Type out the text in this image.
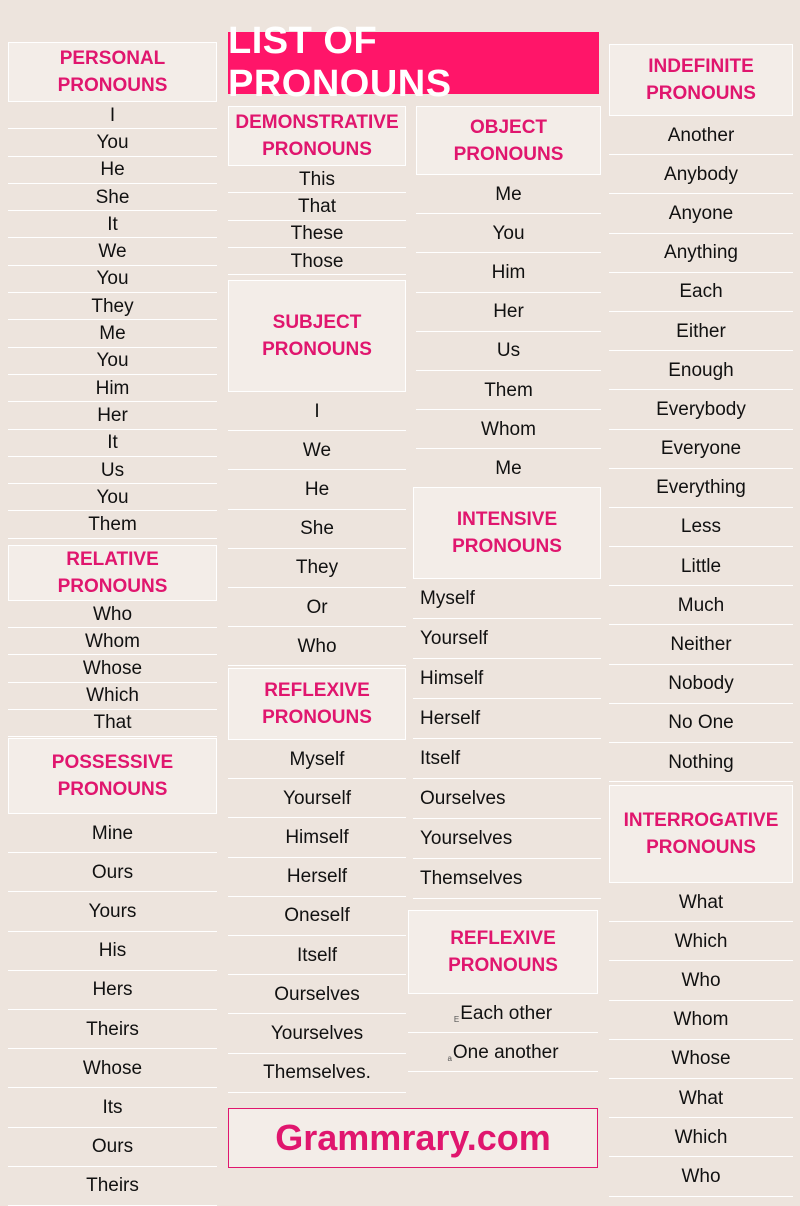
LIST OF PRONOUNS
PERSONAL
PRONOUNS
I
You
He
She
It
We
You
They
Me
You
Him
Her
It
Us
You
Them
RELATIVE
PRONOUNS
Who
Whom
Whose
Which
That
POSSESSIVE
PRONOUNS
Mine
Ours
Yours
His
Hers
Theirs
Whose
Its
Ours
Theirs
DEMONSTRATIVE
PRONOUNS
This
That
These
Those
SUBJECT
PRONOUNS
I
We
He
She
They
Or
Who
REFLEXIVE
PRONOUNS
Myself
Yourself
Himself
Herself
Oneself
Itself
Ourselves
Yourselves
Themselves.
OBJECT
PRONOUNS
Me
You
Him
Her
Us
Them
Whom
Me
INTENSIVE
PRONOUNS
Myself
Yourself
Himself
Herself
Itself
Ourselves
Yourselves
Themselves
REFLEXIVE
PRONOUNS
E Each other
a One another
INDEFINITE
PRONOUNS
Another
Anybody
Anyone
Anything
Each
Either
Enough
Everybody
Everyone
Everything
Less
Little
Much
Neither
Nobody
No One
Nothing
INTERROGATIVE
PRONOUNS
What
Which
Who
Whom
Whose
What
Which
Who
Grammrary.com
